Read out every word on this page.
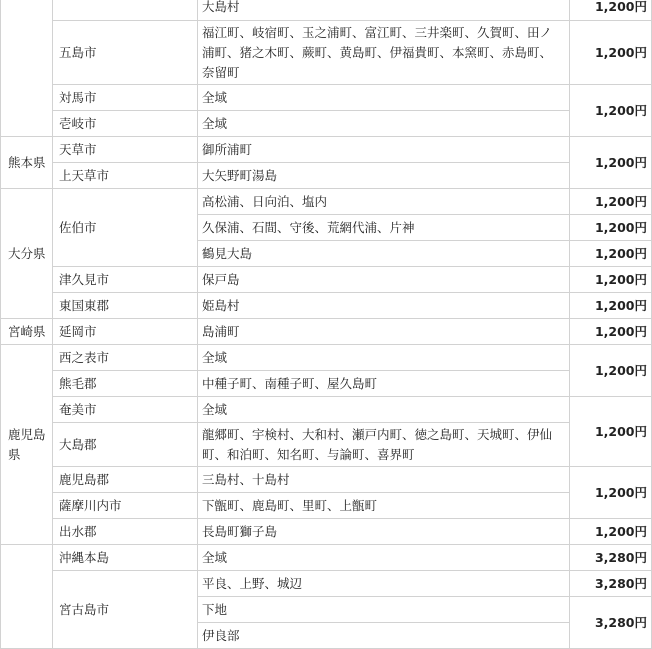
		大島村	1,200円
	五島市	福江町、岐宿町、玉之浦町、富江町、三井楽町、久賀町、田ノ浦町、猪之木町、蕨町、黄島町、伊福貴町、本窯町、赤島町、奈留町	1,200円
	対馬市	全域	1,200円
	壱岐市	全域	
熊本県	天草市	御所浦町	1,200円
	上天草市	大矢野町湯島	
大分県	佐伯市	高松浦、日向泊、塩内	1,200円
		久保浦、石間、守後、荒網代浦、片神	1,200円
		鶴見大島	1,200円
	津久見市	保戸島	1,200円
	東国東郡	姫島村	1,200円
宮崎県	延岡市	島浦町	1,200円
鹿児島県	西之表市	全域	1,200円
	熊毛郡	中種子町、南種子町、屋久島町	
	奄美市	全域	1,200円
	大島郡	龍郷町、宇検村、大和村、瀬戸内町、徳之島町、天城町、伊仙町、和泊町、知名町、与論町、喜界町	
	鹿児島郡	三島村、十島村	1,200円
	薩摩川内市	下甑町、鹿島町、里町、上甑町	
	出水郡	長島町獅子島	1,200円
	沖縄本島	全域	3,280円
	宮古島市	平良、上野、城辺	3,280円
		下地	3,280円
		伊良部	
